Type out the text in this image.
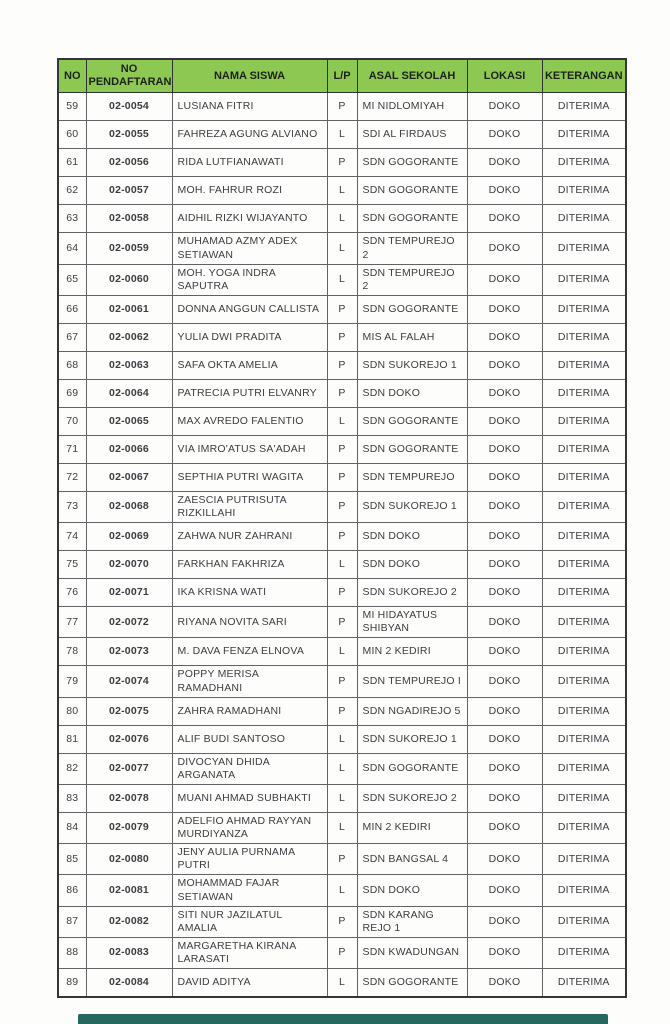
NO	NO PENDAFTARAN	NAMA SISWA	L/P	ASAL SEKOLAH	LOKASI	KETERANGAN
59	02-0054	LUSIANA FITRI	P	MI NIDLOMIYAH	DOKO	DITERIMA
60	02-0055	FAHREZA AGUNG ALVIANO	L	SDI AL FIRDAUS	DOKO	DITERIMA
61	02-0056	RIDA LUTFIANAWATI	P	SDN GOGORANTE	DOKO	DITERIMA
62	02-0057	MOH. FAHRUR ROZI	L	SDN GOGORANTE	DOKO	DITERIMA
63	02-0058	AIDHIL RIZKI WIJAYANTO	L	SDN GOGORANTE	DOKO	DITERIMA
64	02-0059	MUHAMAD AZMY ADEX SETIAWAN	L	SDN TEMPUREJO 2	DOKO	DITERIMA
65	02-0060	MOH. YOGA INDRA SAPUTRA	L	SDN TEMPUREJO 2	DOKO	DITERIMA
66	02-0061	DONNA ANGGUN CALLISTA	P	SDN GOGORANTE	DOKO	DITERIMA
67	02-0062	YULIA DWI PRADITA	P	MIS AL FALAH	DOKO	DITERIMA
68	02-0063	SAFA OKTA AMELIA	P	SDN SUKOREJO 1	DOKO	DITERIMA
69	02-0064	PATRECIA PUTRI ELVANRY	P	SDN DOKO	DOKO	DITERIMA
70	02-0065	MAX AVREDO FALENTIO	L	SDN GOGORANTE	DOKO	DITERIMA
71	02-0066	VIA IMRO'ATUS SA'ADAH	P	SDN GOGORANTE	DOKO	DITERIMA
72	02-0067	SEPTHIA PUTRI WAGITA	P	SDN TEMPUREJO	DOKO	DITERIMA
73	02-0068	ZAESCIA PUTRISUTA RIZKILLAHI	P	SDN SUKOREJO 1	DOKO	DITERIMA
74	02-0069	ZAHWA NUR ZAHRANI	P	SDN DOKO	DOKO	DITERIMA
75	02-0070	FARKHAN FAKHRIZA	L	SDN DOKO	DOKO	DITERIMA
76	02-0071	IKA KRISNA WATI	P	SDN SUKOREJO 2	DOKO	DITERIMA
77	02-0072	RIYANA NOVITA SARI	P	MI HIDAYATUS SHIBYAN	DOKO	DITERIMA
78	02-0073	M. DAVA FENZA ELNOVA	L	MIN 2 KEDIRI	DOKO	DITERIMA
79	02-0074	POPPY MERISA RAMADHANI	P	SDN TEMPUREJO I	DOKO	DITERIMA
80	02-0075	ZAHRA RAMADHANI	P	SDN NGADIREJO 5	DOKO	DITERIMA
81	02-0076	ALIF BUDI SANTOSO	L	SDN SUKOREJO 1	DOKO	DITERIMA
82	02-0077	DIVOCYAN DHIDA ARGANATA	L	SDN GOGORANTE	DOKO	DITERIMA
83	02-0078	MUANI AHMAD SUBHAKTI	L	SDN SUKOREJO 2	DOKO	DITERIMA
84	02-0079	ADELFIO AHMAD RAYYAN MURDIYANZA	L	MIN 2 KEDIRI	DOKO	DITERIMA
85	02-0080	JENY AULIA PURNAMA PUTRI	P	SDN BANGSAL 4	DOKO	DITERIMA
86	02-0081	MOHAMMAD FAJAR SETIAWAN	L	SDN DOKO	DOKO	DITERIMA
87	02-0082	SITI NUR JAZILATUL AMALIA	P	SDN KARANG REJO 1	DOKO	DITERIMA
88	02-0083	MARGARETHA KIRANA LARASATI	P	SDN KWADUNGAN	DOKO	DITERIMA
89	02-0084	DAVID ADITYA	L	SDN GOGORANTE	DOKO	DITERIMA
